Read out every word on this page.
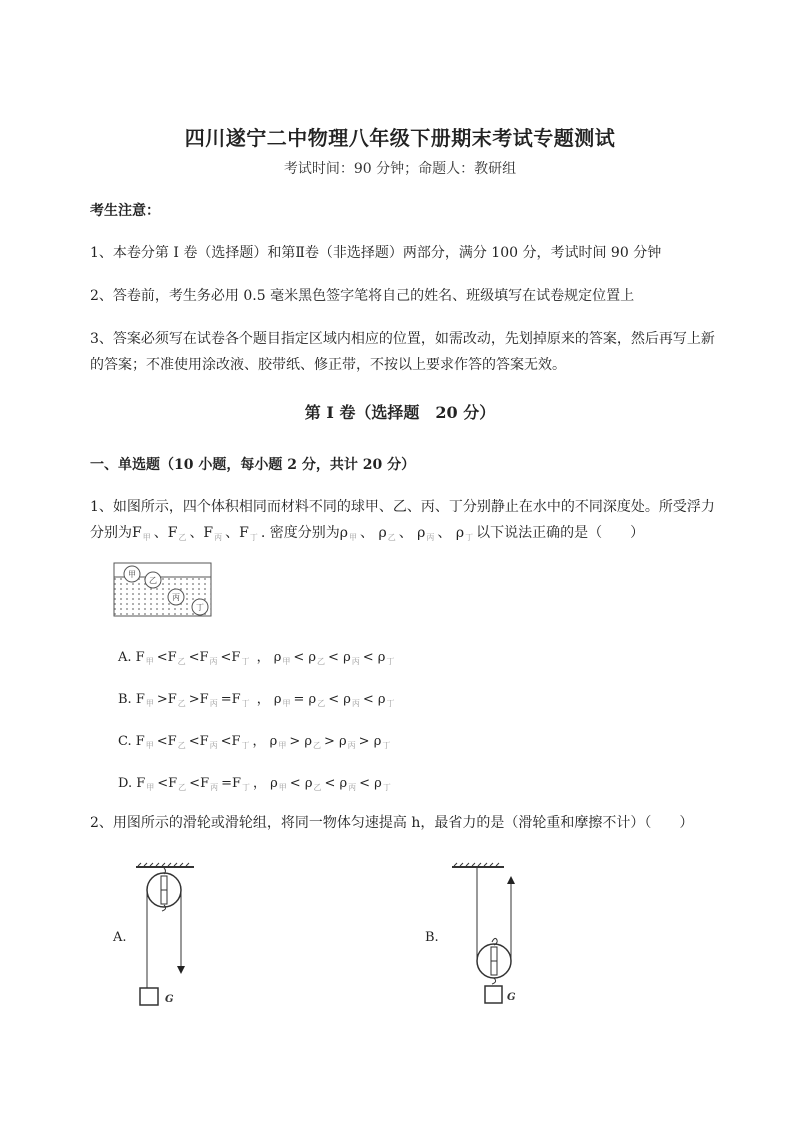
四川遂宁二中物理八年级下册期末考试专题测试
考试时间：90 分钟；命题人：教研组
考生注意：
1、本卷分第 I 卷（选择题）和第Ⅱ卷（非选择题）两部分，满分 100 分，考试时间 90 分钟
2、答卷前，考生务必用 0.5 毫米黑色签字笔将自己的姓名、班级填写在试卷规定位置上
3、答案必须写在试卷各个题目指定区域内相应的位置，如需改动，先划掉原来的答案，然后再写上新的答案；不准使用涂改液、胶带纸、修正带，不按以上要求作答的答案无效。
第 I 卷（选择题　20 分）
一、单选题（10 小题，每小题 2 分，共计 20 分）
1、如图所示，四个体积相同而材料不同的球甲、乙、丙、丁分别静止在水中的不同深度处。所受浮力
分别为$F_甲$ 、$F_乙$ 、$F_丙$ 、$F_丁$ . 密度分别为$\rho_甲$ 、 $\rho_乙$ 、 $\rho_丙$ 、 $\rho_丁$ 以下说法正确的是（　　）
甲
乙
丙
丁
A. $F_甲 <F_乙 <F_丙 <F_丁$ ， $\rho_甲 < \rho_乙 < \rho_丙 < \rho_丁$
B. $F_甲 >F_乙 >F_丙 =F_丁$ ， $\rho_甲 = \rho_乙 < \rho_丙 < \rho_丁$
C. $F_甲 <F_乙 <F_丙 <F_丁$ ， $\rho_甲 > \rho_乙 > \rho_丙 > \rho_丁$
D. $F_甲 <F_乙 <F_丙 =F_丁$ ， $\rho_甲 < \rho_乙 < \rho_丙 < \rho_丁$
2、用图所示的滑轮或滑轮组，将同一物体匀速提高 h，最省力的是（滑轮重和摩擦不计）（　　）
A.
G
B.
G
